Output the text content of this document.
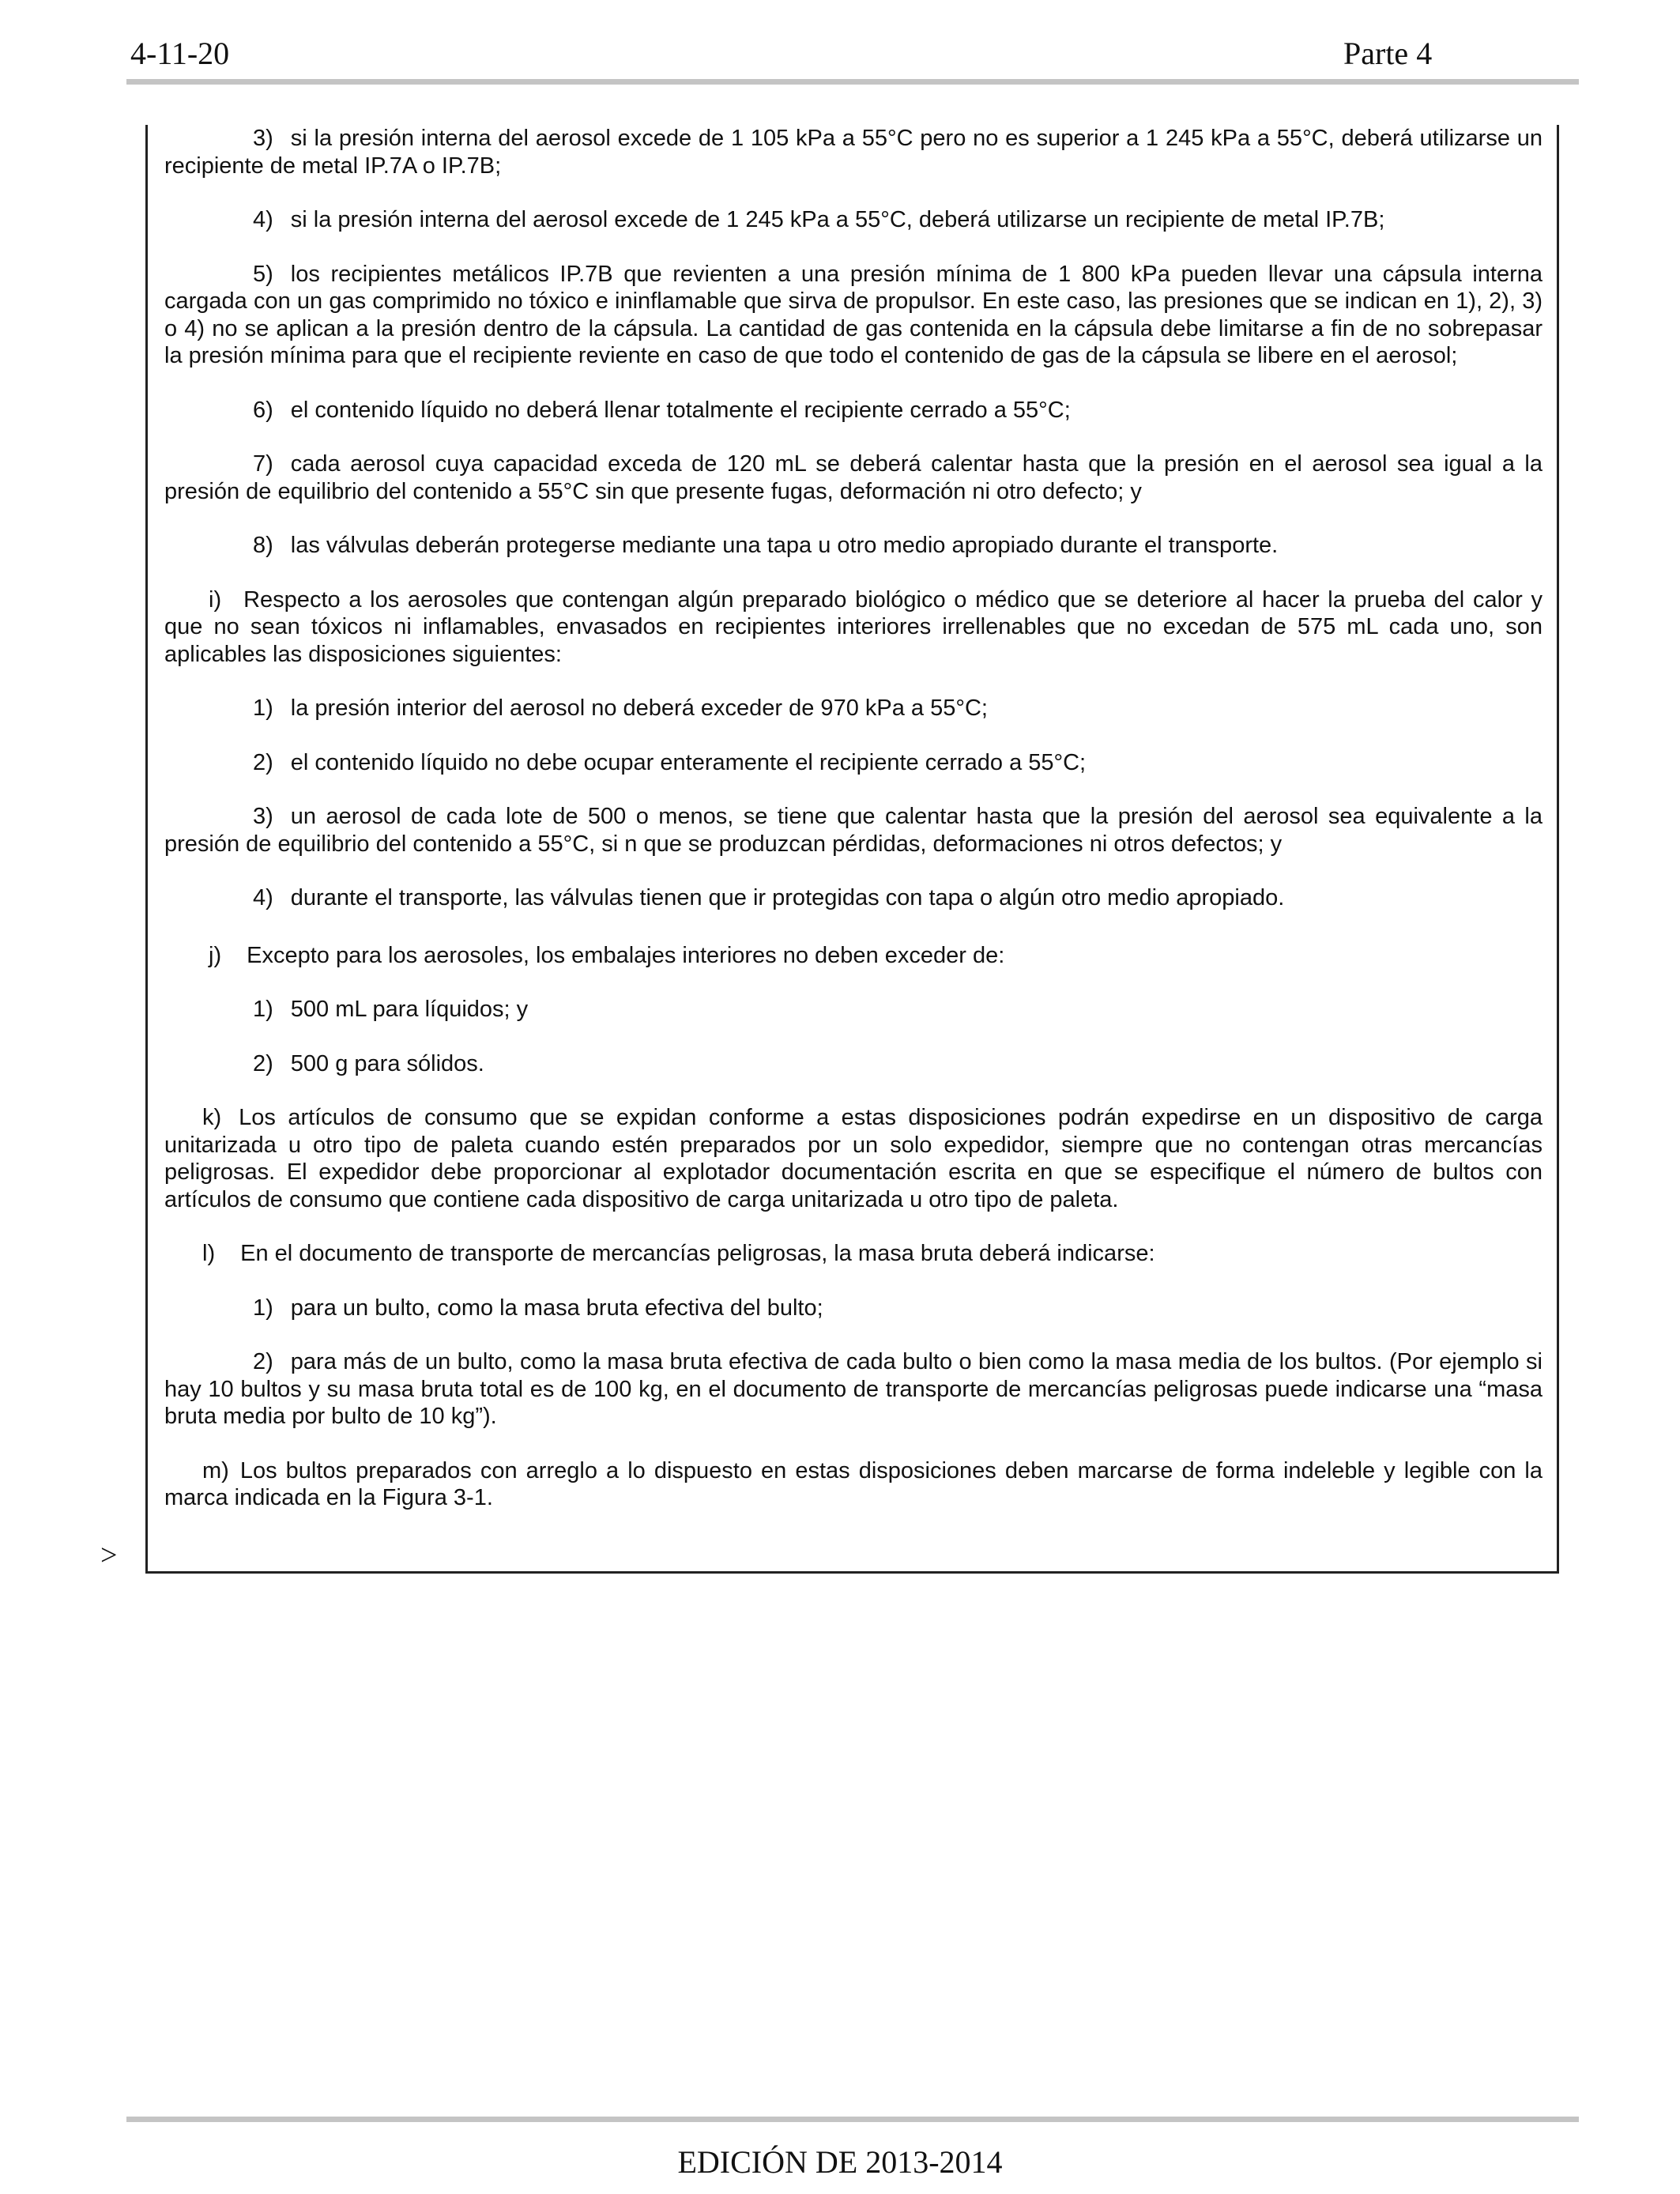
4-11-20	Parte 4

3) si la presión interna del aerosol excede de 1 105 kPa a 55°C pero no es superior a 1 245 kPa a 55°C, deberá utilizarse un recipiente de metal IP.7A o IP.7B;

4) si la presión interna del aerosol excede de 1 245 kPa a 55°C, deberá utilizarse un recipiente de metal IP.7B;

5) los recipientes metálicos IP.7B que revienten a una presión mínima de 1 800 kPa pueden llevar una cápsula interna cargada con un gas comprimido no tóxico e ininflamable que sirva de propulsor. En este caso, las presiones que se indican en 1), 2), 3) o 4) no se aplican a la presión dentro de la cápsula. La cantidad de gas contenida en la cápsula debe limitarse a fin de no sobrepasar la presión mínima para que el recipiente reviente en caso de que todo el contenido de gas de la cápsula se libere en el aerosol;

6) el contenido líquido no deberá llenar totalmente el recipiente cerrado a 55°C;

7) cada aerosol cuya capacidad exceda de 120 mL se deberá calentar hasta que la presión en el aerosol sea igual a la presión de equilibrio del contenido a 55°C sin que presente fugas, deformación ni otro defecto; y

8) las válvulas deberán protegerse mediante una tapa u otro medio apropiado durante el transporte.

i) Respecto a los aerosoles que contengan algún preparado biológico o médico que se deteriore al hacer la prueba del calor y que no sean tóxicos ni inflamables, envasados en recipientes interiores irrellenables que no excedan de 575 mL cada uno, son aplicables las disposiciones siguientes:

1) la presión interior del aerosol no deberá exceder de 970 kPa a 55°C;

2) el contenido líquido no debe ocupar enteramente el recipiente cerrado a 55°C;

3) un aerosol de cada lote de 500 o menos, se tiene que calentar hasta que la presión del aerosol sea equivalente a la presión de equilibrio del contenido a 55°C, si n que se produzcan pérdidas, deformaciones ni otros defectos; y

4) durante el transporte, las válvulas tienen que ir protegidas con tapa o algún otro medio apropiado.

j) Excepto para los aerosoles, los embalajes interiores no deben exceder de:

1) 500 mL para líquidos; y

2) 500 g para sólidos.

k) Los artículos de consumo que se expidan conforme a estas disposiciones podrán expedirse en un dispositivo de carga unitarizada u otro tipo de paleta cuando estén preparados por un solo expedidor, siempre que no contengan otras mercancías peligrosas. El expedidor debe proporcionar al explotador documentación escrita en que se especifique el número de bultos con artículos de consumo que contiene cada dispositivo de carga unitarizada u otro tipo de paleta.

l) En el documento de transporte de mercancías peligrosas, la masa bruta deberá indicarse:

1) para un bulto, como la masa bruta efectiva del bulto;

2) para más de un bulto, como la masa bruta efectiva de cada bulto o bien como la masa media de los bultos. (Por ejemplo si hay 10 bultos y su masa bruta total es de 100 kg, en el documento de transporte de mercancías peligrosas puede indicarse una “masa bruta media por bulto de 10 kg”).

m) Los bultos preparados con arreglo a lo dispuesto en estas disposiciones deben marcarse de forma indeleble y legible con la marca indicada en la Figura 3-1.

>
EDICIÓN DE 2013-2014
